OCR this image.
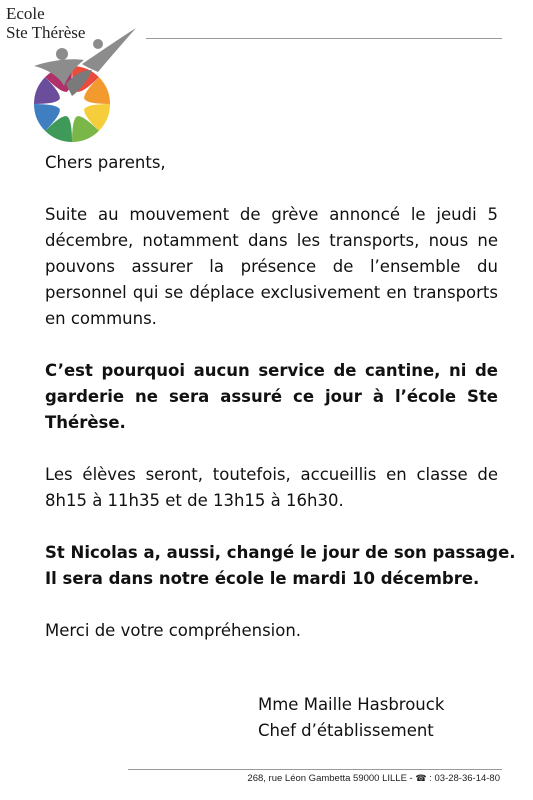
Ecole
Ste Thérèse

Chers parents,

Suite au mouvement de grève annoncé le jeudi 5 décembre, notamment dans les transports, nous ne pouvons assurer la présence de l’ensemble du personnel qui se déplace exclusivement en transports en communs.

C’est pourquoi aucun service de cantine, ni de garderie ne sera assuré ce jour à l’école Ste Thérèse.

Les élèves seront, toutefois, accueillis en classe de 8h15 à 11h35 et de 13h15 à 16h30.

St Nicolas a, aussi, changé le jour de son passage.
Il sera dans notre école le mardi 10 décembre.

Merci de votre compréhension.

Mme Maille Hasbrouck
Chef d’établissement
268, rue Léon Gambetta 59000 LILLE - ☎ : 03-28-36-14-80
